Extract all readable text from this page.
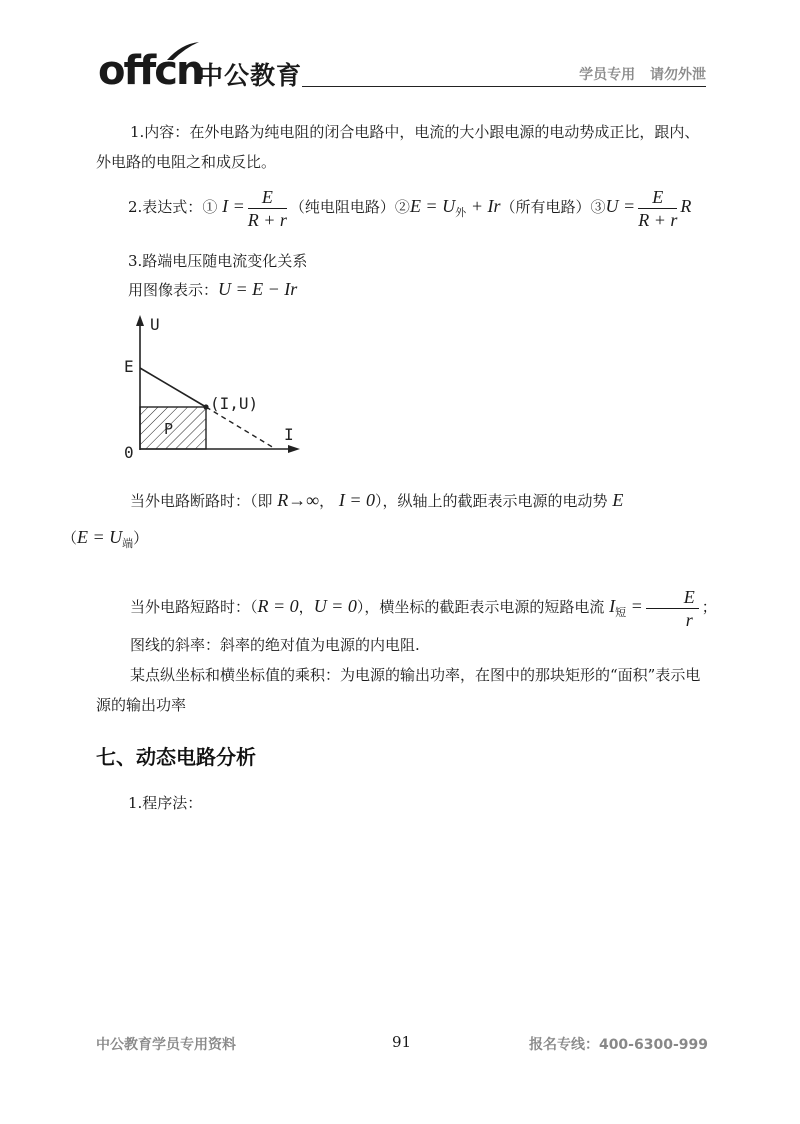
offcn
中公教育	学员专用 请勿外泄
1.内容：在外电路为纯电阻的闭合电路中，电流的大小跟电源的电动势成正比，跟内、外电路的电阻之和成反比。
2.表达式：① $I = \frac{E}{R + r}$ （纯电阻电路）②E = $U_外 + Ir$（所有电路）③U = $\frac{E}{R + r}$ R
3.路端电压随电流变化关系
用图像表示：U = E − Ir
U
I
0
E
(I,U)
P
当外电路断路时：（即 R→∞， I = 0），纵轴上的截距表示电源的电动势 E
$(E = U_端)$
当外电路短路时：（R = 0，U = 0），横坐标的截距表示电源的短路电流 $I_短 = \frac{E}{r}$ ；
图线的斜率：斜率的绝对值为电源的内电阻.
某点纵坐标和横坐标值的乘积：为电源的输出功率，在图中的那块矩形的“面积”表示电源的输出功率
七、动态电路分析
1.程序法：
中公教育学员专用资料	91	报名专线：400-6300-999
